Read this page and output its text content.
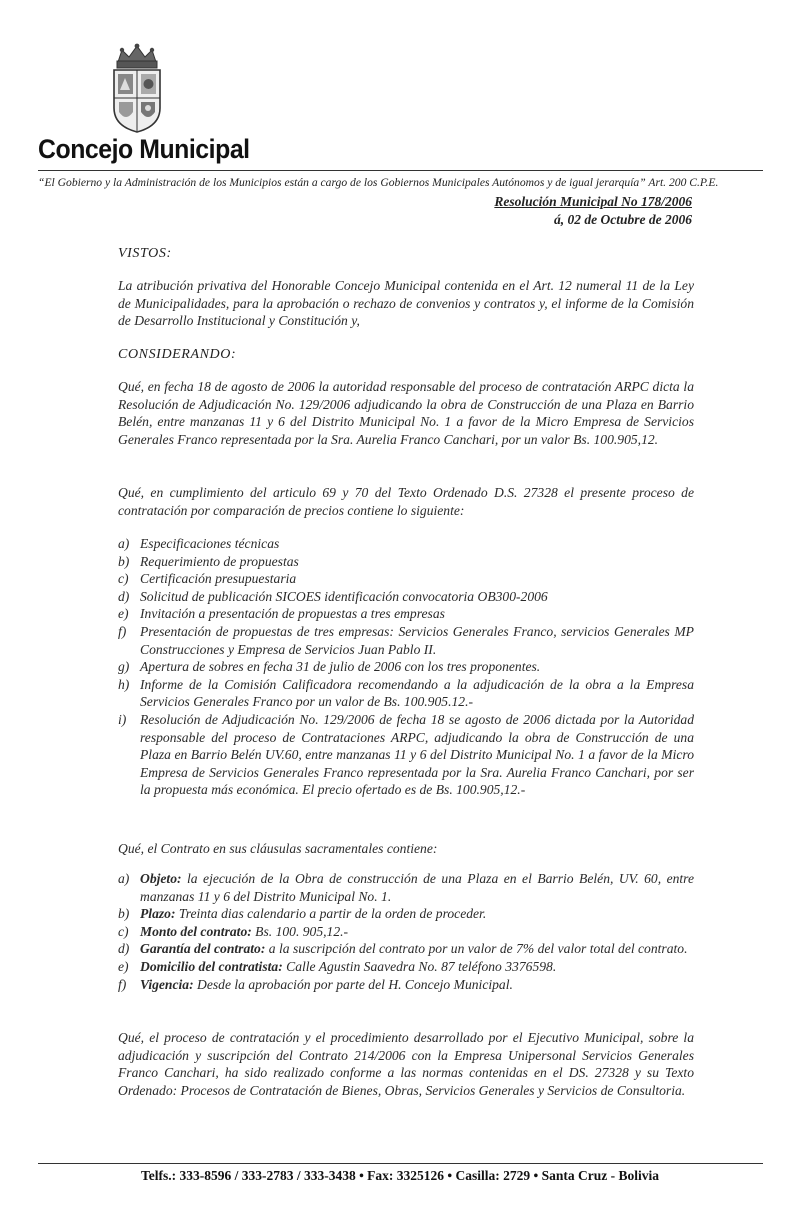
Concejo Municipal
“El Gobierno y la Administración de los Municipios están a cargo de los Gobiernos Municipales Autónomos y de igual jerarquía” Art. 200 C.P.E.
Resolución Municipal No 178/2006
á, 02 de Octubre de 2006
VISTOS:
La atribución privativa del Honorable Concejo Municipal contenida en el Art. 12 numeral 11 de la Ley de Municipalidades, para la aprobación o rechazo de convenios y contratos y, el informe de la Comisión de Desarrollo Institucional y Constitución y,
CONSIDERANDO:
Qué, en fecha 18 de agosto de 2006 la autoridad responsable del proceso de contratación ARPC dicta la Resolución de Adjudicación No. 129/2006 adjudicando la obra de Construcción de una Plaza en Barrio Belén, entre manzanas 11 y 6 del Distrito Municipal No. 1 a favor de la Micro Empresa de Servicios Generales Franco representada por la Sra. Aurelia Franco Canchari, por un valor Bs. 100.905,12.
Qué, en cumplimiento del articulo 69 y 70 del Texto Ordenado D.S. 27328 el presente proceso de contratación por comparación de precios contiene lo siguiente:
a) Especificaciones técnicas
b) Requerimiento de propuestas
c) Certificación presupuestaria
d) Solicitud de publicación SICOES identificación convocatoria OB300-2006
e) Invitación a presentación de propuestas a tres empresas
f) Presentación de propuestas de tres empresas: Servicios Generales Franco, servicios Generales MP Construcciones y Empresa de Servicios Juan Pablo II.
g) Apertura de sobres en fecha 31 de julio de 2006 con los tres proponentes.
h) Informe de la Comisión Calificadora recomendando a la adjudicación de la obra a la Empresa Servicios Generales Franco por un valor de Bs. 100.905.12.-
i) Resolución de Adjudicación No. 129/2006 de fecha 18 se agosto de 2006 dictada por la Autoridad responsable del proceso de Contrataciones ARPC, adjudicando la obra de Construcción de una Plaza en Barrio Belén UV.60, entre manzanas 11 y 6 del Distrito Municipal No. 1 a favor de la Micro Empresa de Servicios Generales Franco representada por la Sra. Aurelia Franco Canchari, por ser la propuesta más económica. El precio ofertado es de Bs. 100.905,12.-
Qué, el Contrato en sus cláusulas sacramentales contiene:
a) Objeto: la ejecución de la Obra de construcción de una Plaza en el Barrio Belén, UV. 60, entre manzanas 11 y 6 del Distrito Municipal No. 1.
b) Plazo: Treinta dias calendario a partir de la orden de proceder.
c) Monto del contrato: Bs. 100. 905,12.-
d) Garantía del contrato: a la suscripción del contrato por un valor de 7% del valor total del contrato.
e) Domicilio del contratista: Calle Agustin Saavedra No. 87 teléfono 3376598.
f) Vigencia: Desde la aprobación por parte del H. Concejo Municipal.
Qué, el proceso de contratación y el procedimiento desarrollado por el Ejecutivo Municipal, sobre la adjudicación y suscripción del Contrato 214/2006 con la Empresa Unipersonal Servicios Generales Franco Canchari, ha sido realizado conforme a las normas contenidas en el DS. 27328 y su Texto Ordenado: Procesos de Contratación de Bienes, Obras, Servicios Generales y Servicios de Consultoria.
Telfs.: 333-8596 / 333-2783 / 333-3438 • Fax: 3325126 • Casilla: 2729 • Santa Cruz - Bolivia
